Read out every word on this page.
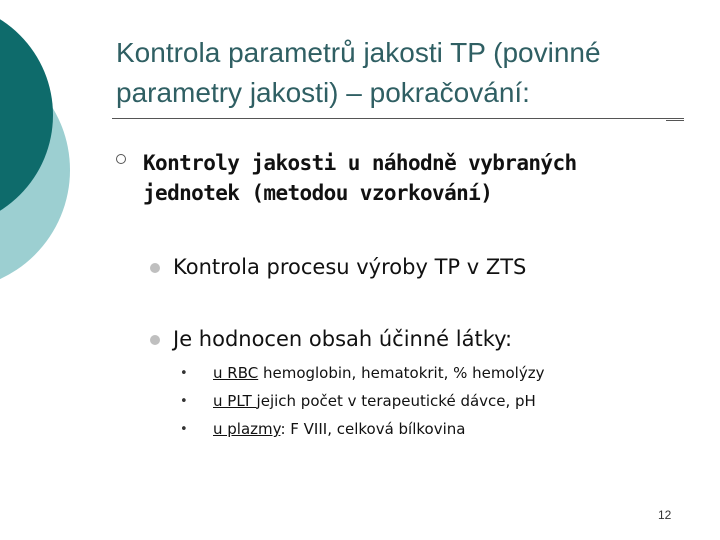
Kontrola parametrů jakosti TP (povinné
parametry jakosti) – pokračování:
Kontroly jakosti u náhodně vybraných
jednotek (metodou vzorkování)
Kontrola procesu výroby TP v ZTS
Je hodnocen obsah účinné látky:
• u RBC hemoglobin, hematokrit, % hemolýzy
• u PLT jejich počet v terapeutické dávce, pH
• u plazmy: F VIII, celková bílkovina
12
